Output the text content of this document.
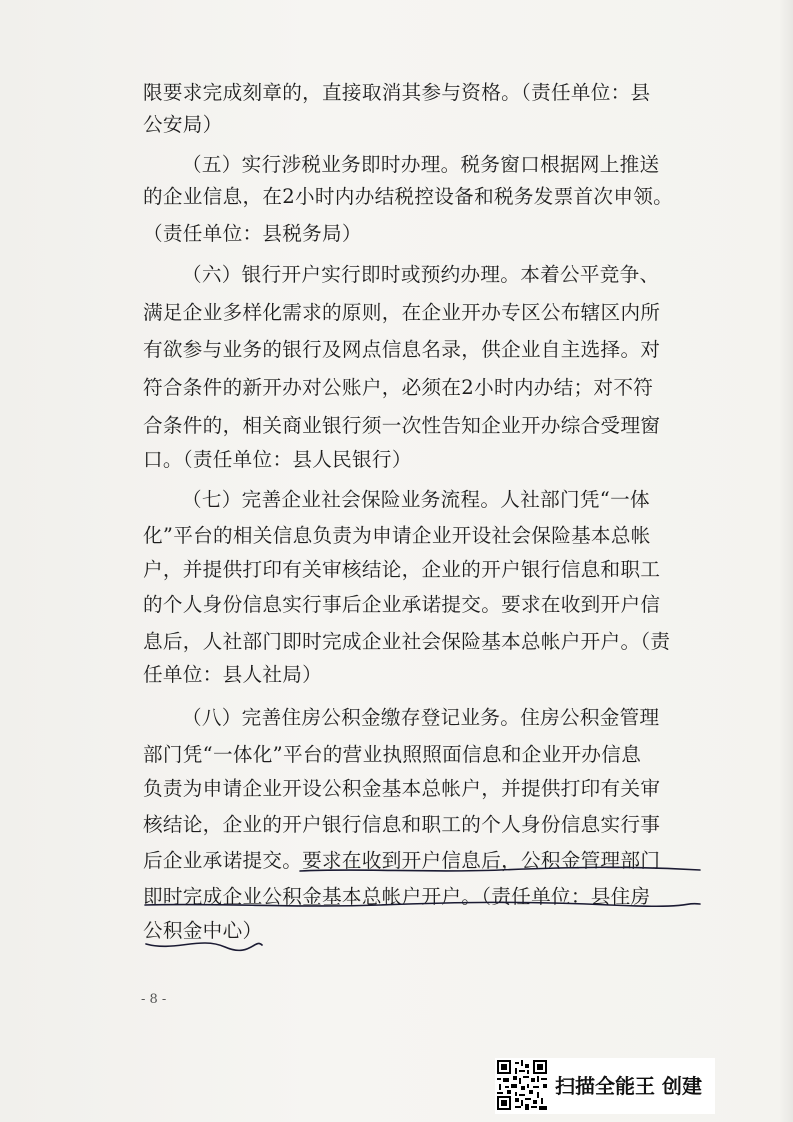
限要求完成刻章的，直接取消其参与资格。（责任单位：县
公安局）
（五）实行涉税业务即时办理。税务窗口根据网上推送
的企业信息，在2小时内办结税控设备和税务发票首次申领。
（责任单位：县税务局）
（六）银行开户实行即时或预约办理。本着公平竞争、
满足企业多样化需求的原则，在企业开办专区公布辖区内所
有欲参与业务的银行及网点信息名录，供企业自主选择。对
符合条件的新开办对公账户，必须在2小时内办结；对不符
合条件的，相关商业银行须一次性告知企业开办综合受理窗
口。（责任单位：县人民银行）
（七）完善企业社会保险业务流程。人社部门凭“一体
化”平台的相关信息负责为申请企业开设社会保险基本总帐
户，并提供打印有关审核结论，企业的开户银行信息和职工
的个人身份信息实行事后企业承诺提交。要求在收到开户信
息后，人社部门即时完成企业社会保险基本总帐户开户。（责
任单位：县人社局）
（八）完善住房公积金缴存登记业务。住房公积金管理
部门凭“一体化”平台的营业执照照面信息和企业开办信息
负责为申请企业开设公积金基本总帐户，并提供打印有关审
核结论，企业的开户银行信息和职工的个人身份信息实行事
后企业承诺提交。要求在收到开户信息后，公积金管理部门
即时完成企业公积金基本总帐户开户。（责任单位：县住房
公积金中心）
- 8 -
扫描全能王 创建
